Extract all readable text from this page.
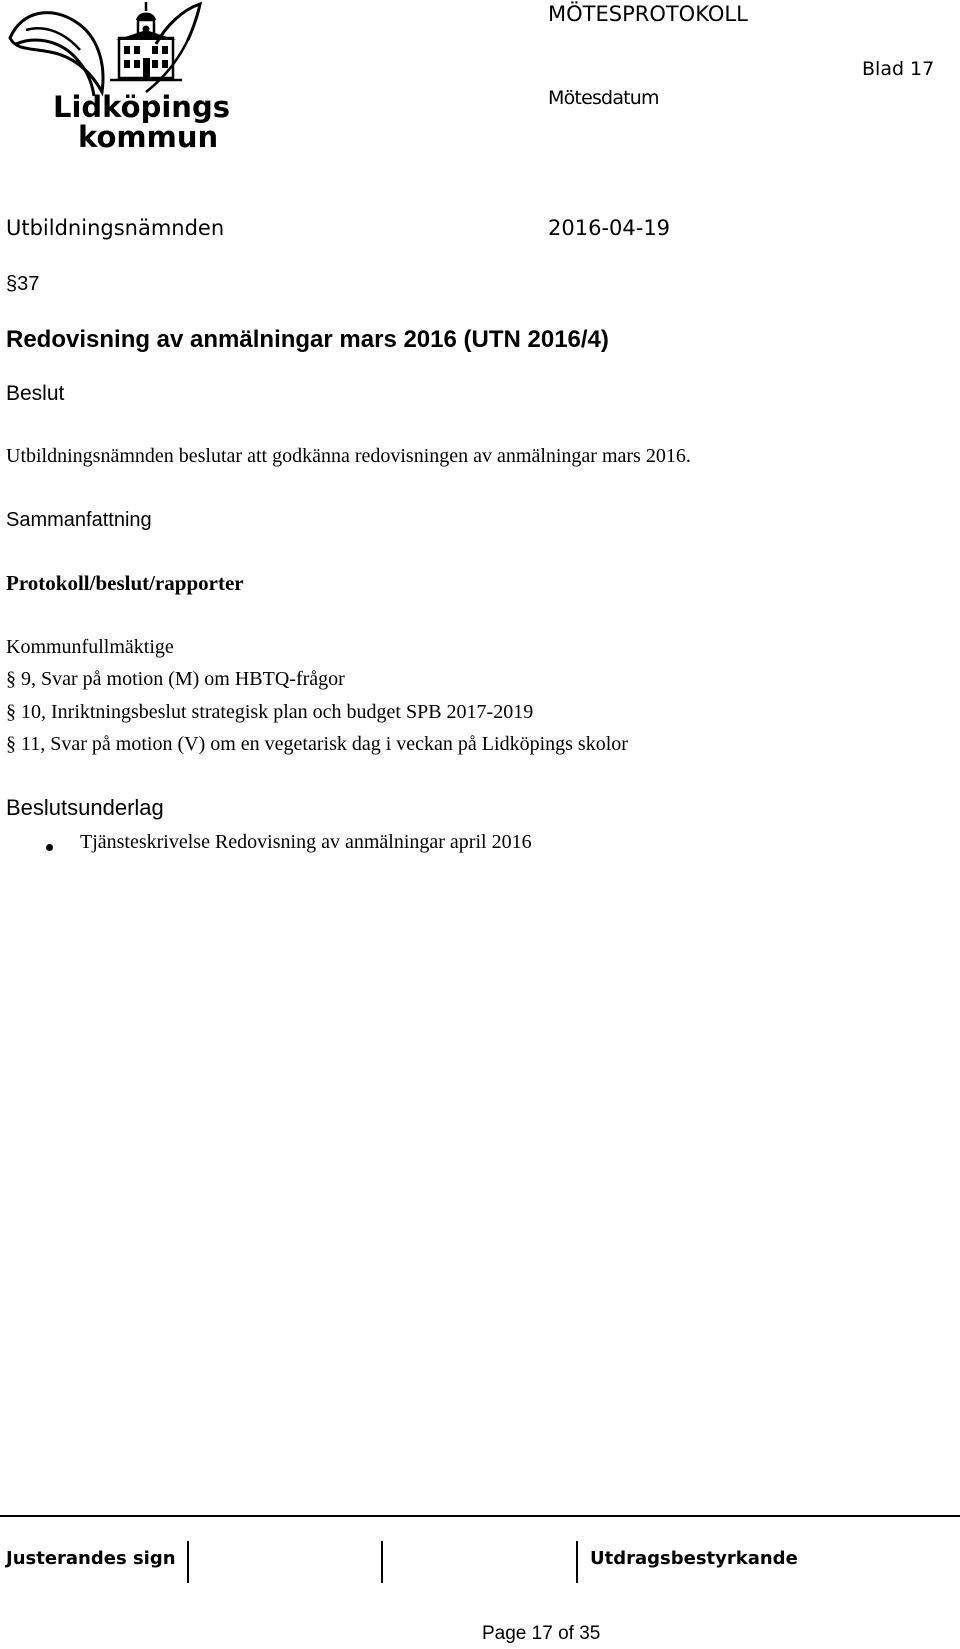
Lidköpings
kommun
MÖTESPROTOKOLL
Blad 17
Mötesdatum
Utbildningsnämnden	2016-04-19
§37
Redovisning av anmälningar mars 2016 (UTN 2016/4)
Beslut
Utbildningsnämnden beslutar att godkänna redovisningen av anmälningar mars 2016.
Sammanfattning
Protokoll/beslut/rapporter
Kommunfullmäktige
§ 9, Svar på motion (M) om HBTQ-frågor
§ 10, Inriktningsbeslut strategisk plan och budget SPB 2017-2019
§ 11, Svar på motion (V) om en vegetarisk dag i veckan på Lidköpings skolor
Beslutsunderlag
Tjänsteskrivelse Redovisning av anmälningar april 2016
Justerandes sign	Utdragsbestyrkande
Page 17 of 35
